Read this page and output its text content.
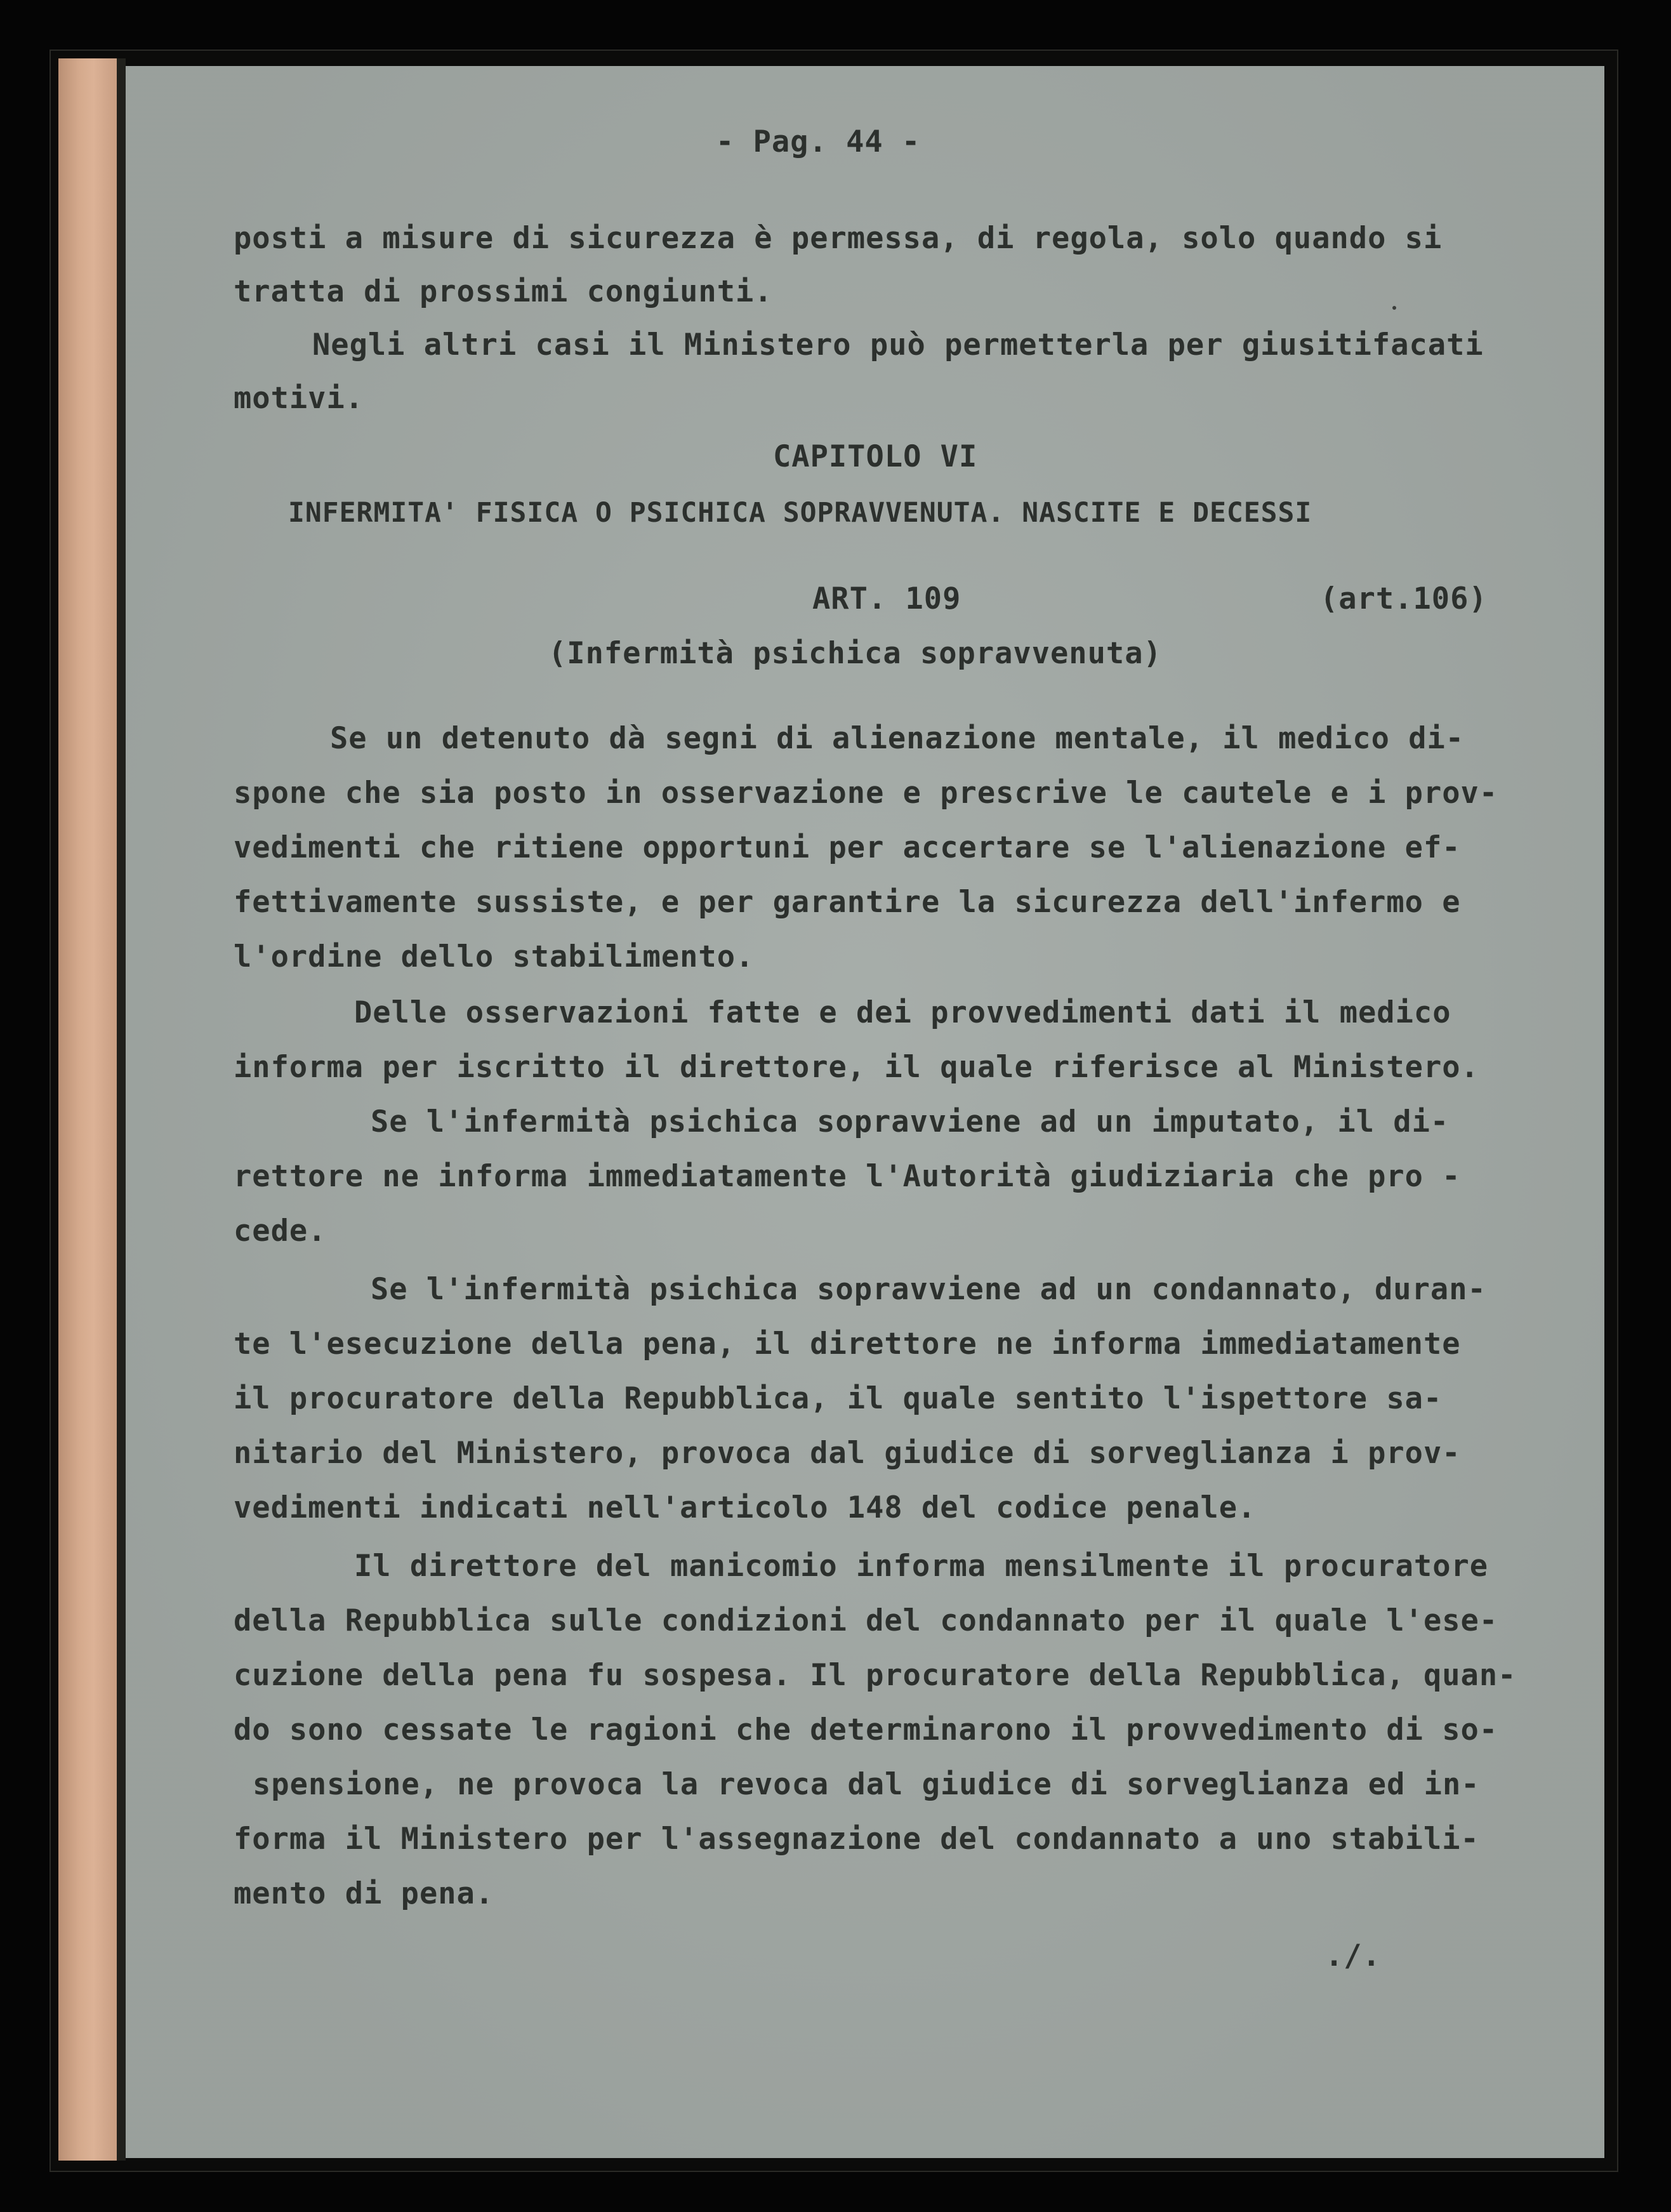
- Pag. 44 -

posti a misure di sicurezza è permessa, di regola, solo quando si

tratta di prossimi congiunti.

Negli altri casi il Ministero può permetterla per giusitifacati

motivi.

CAPITOLO VI

INFERMITA' FISICA O PSICHICA SOPRAVVENUTA. NASCITE E DECESSI

ART. 109	(art.106)

(Infermità psichica sopravvenuta)

Se un detenuto dà segni di alienazione mentale, il medico di-

spone che sia posto in osservazione e prescrive le cautele e i prov-

vedimenti che ritiene opportuni per accertare se l'alienazione ef-

fettivamente sussiste, e per garantire la sicurezza dell'infermo e

l'ordine dello stabilimento.

Delle osservazioni fatte e dei provvedimenti dati il medico

informa per iscritto il direttore, il quale riferisce al Ministero.

Se l'infermità psichica sopravviene ad un imputato, il di-

rettore ne informa immediatamente l'Autorità giudiziaria che pro -

cede.

Se l'infermità psichica sopravviene ad un condannato, duran-

te l'esecuzione della pena, il direttore ne informa immediatamente

il procuratore della Repubblica, il quale sentito l'ispettore sa-

nitario del Ministero, provoca dal giudice di sorveglianza i prov-

vedimenti indicati nell'articolo 148 del codice penale.

Il direttore del manicomio informa mensilmente il procuratore

della Repubblica sulle condizioni del condannato per il quale l'ese-

cuzione della pena fu sospesa. Il procuratore della Repubblica, quan-

do sono cessate le ragioni che determinarono il provvedimento di so-

spensione, ne provoca la revoca dal giudice di sorveglianza ed in-

forma il Ministero per l'assegnazione del condannato a uno stabili-

mento di pena.

./.
